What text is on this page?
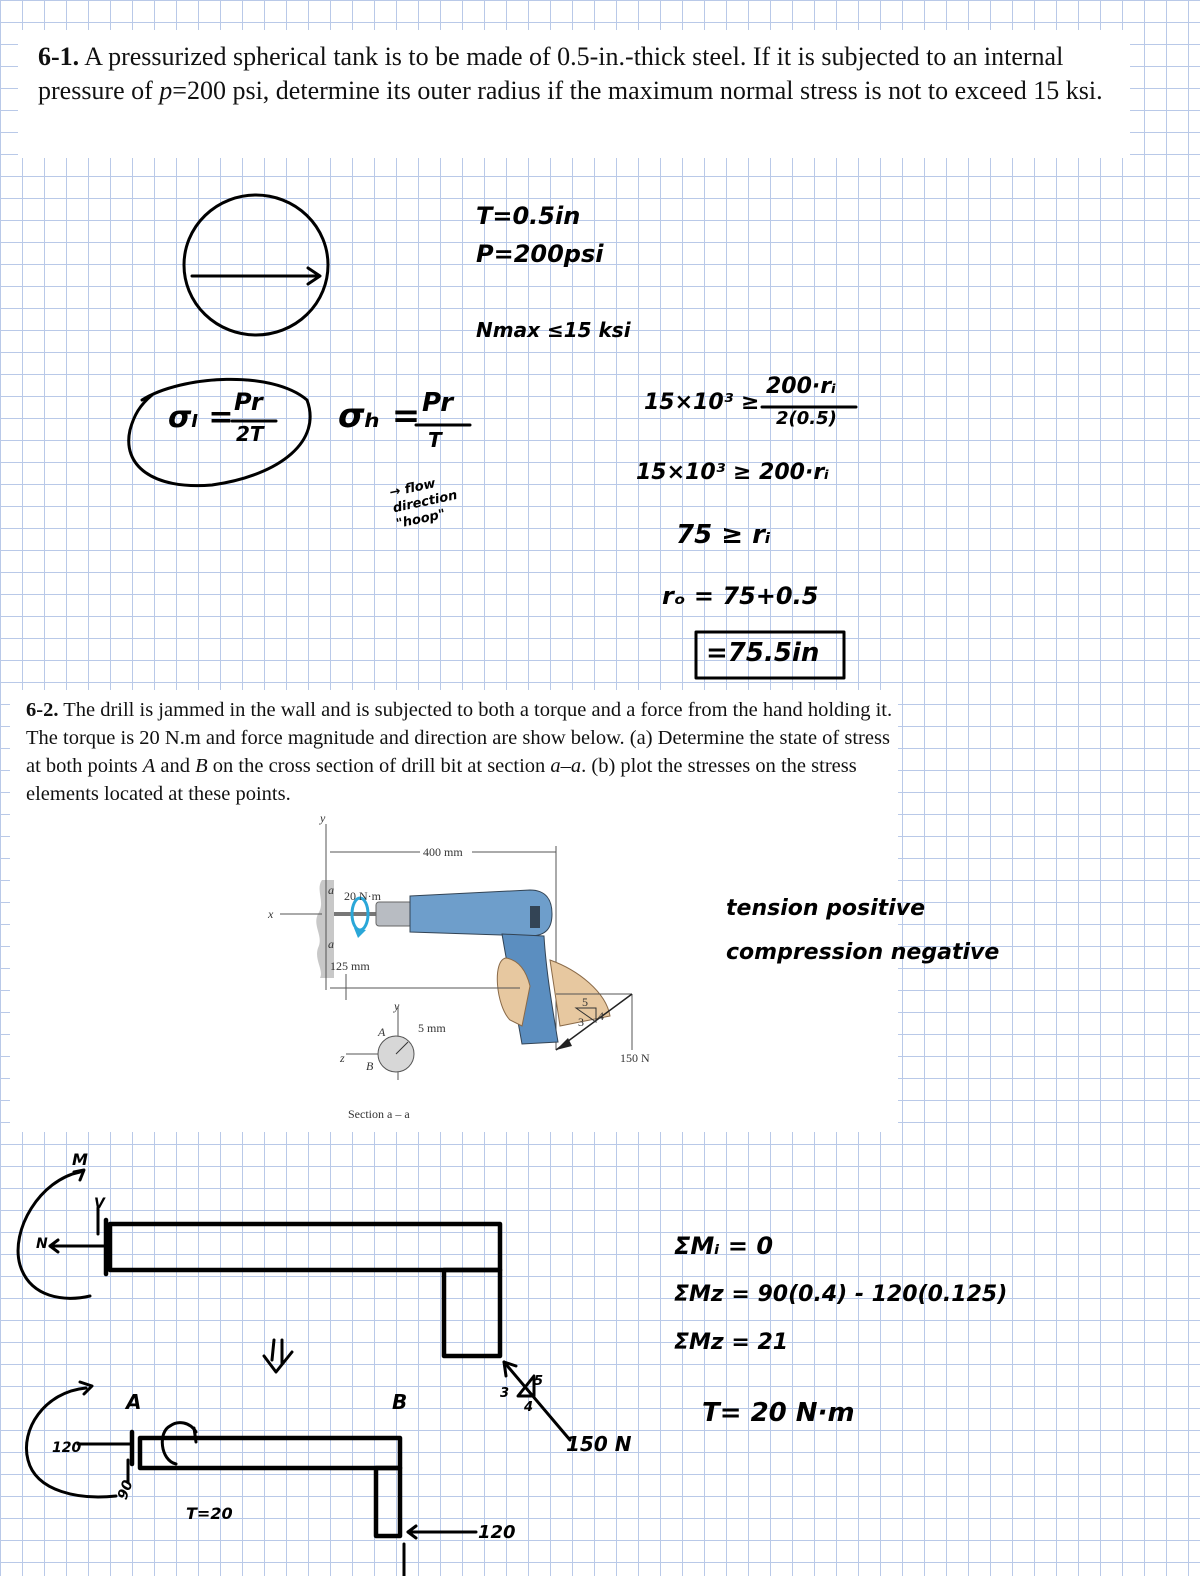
6-1. A pressurized spherical tank is to be made of 0.5-in.-thick steel. If it is subjected to an internal pressure of p=200 psi, determine its outer radius if the maximum normal stress is not to exceed 15 ksi.
T=0.5in
P=200psi
Nmax ≤15 ksi
σₗ = Pr
2T σₕ = Pr
T
→ flow direction "hoop"
15×10³ ≥
200·rᵢ
2(0.5)
15×10³ ≥ 200·rᵢ
75 ≥ rᵢ
rₒ = 75+0.5
=75.5in
6-2. The drill is jammed in the wall and is subjected to both a torque and a force from the hand holding it. The torque is 20 N.m and force magnitude and direction are show below. (a) Determine the state of stress at both points A and B on the cross section of drill bit at section a–a. (b) plot the stresses on the stress elements located at these points.
y
x
a
a
400 mm
20 N·m
125 mm
150 N
3 4
5
y
z
A
B
5 mm
Section a – a
tension positive
compression negative
M
V
N
3
4
5
150 N
A	B
120
90
T=20
120
ΣMᵢ = 0
ΣMz = 90(0.4) - 120(0.125)
ΣMz = 21
T= 20 N·m
